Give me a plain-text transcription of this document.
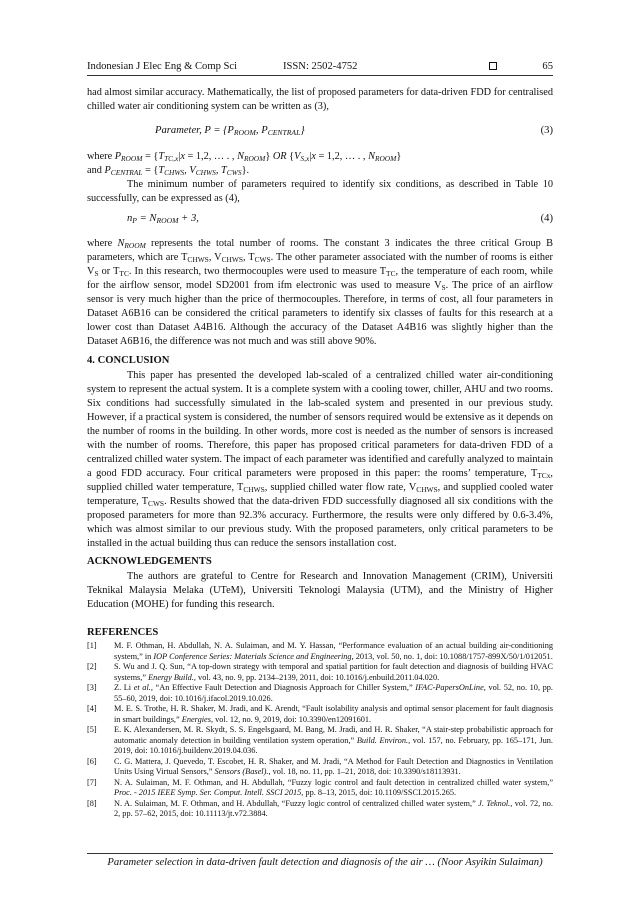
Indonesian J Elec Eng & Comp Sci	ISSN: 2502-4752	65
had almost similar accuracy. Mathematically, the list of proposed parameters for data-driven FDD for centralised chilled water air conditioning system can be written as (3),
Parameter, $P = \{P_{ROOM}$, $P_{CENTRAL}$}	(3)
where $P_{ROOM} = \{T_{TC,x}|x = 1,2$, … . , $N_{ROOM}$} OR {$V_{S,x}|x = 1,2$, … . , $N_{ROOM}$}
and $P_{CENTRAL} = \{T_{CHWS}$, $V_{CHWS}$, $T_{CWS}$}.
The minimum number of parameters required to identify six conditions, as described in Table 10 successfully, can be expressed as (4),
$n_P = N_{ROOM} + 3$,	(4)
where $N_{ROOM}$ represents the total number of rooms. The constant 3 indicates the three critical Group B parameters, which are $T_{CHWS}$, $V_{CHWS}$, $T_{CWS}$. The other parameter associated with the number of rooms is either $V_S$ or $T_{TC}$. In this research, two thermocouples were used to measure $T_{TC}$, the temperature of each room, while for the airflow sensor, model SD2001 from ifm electronic was used to measure $V_S$. The price of an airflow sensor is very much higher than the price of thermocouples. Therefore, in terms of cost, all four parameters in Dataset A6B16 can be considered the critical parameters to identify six classes of faults for this research at a lower cost than Dataset A4B16. Although the accuracy of the Dataset A4B16 was slightly higher than the Dataset A6B16, the difference was not much and was still above 90%.
4. CONCLUSION
This paper has presented the developed lab-scaled of a centralized chilled water air-conditioning system to represent the actual system. It is a complete system with a cooling tower, chiller, AHU and two rooms. Six conditions had successfully simulated in the lab-scaled system and presented in our previous study. However, if a practical system is considered, the number of sensors required would be extensive as it depends on the number of rooms in the building. In other words, more cost is needed as the number of sensors is increased with the number of rooms. Therefore, this paper has proposed critical parameters for data-driven FDD of a centralized chilled water system. The impact of each parameter was identified and carefully analyzed to maintain a good FDD accuracy. Four critical parameters were proposed in this paper: the rooms’ temperature, $T_{TCx}$, supplied chilled water temperature, $T_{CHWS}$, supplied chilled water flow rate, $V_{CHWS}$, and supplied cooled water temperature, $T_{CWS}$. Results showed that the data-driven FDD successfully diagnosed all six conditions with the proposed parameters for more than 92.3% accuracy. Furthermore, the results were only differed by 0.6-3.4%, which was almost similar to our previous study. With the proposed parameters, only critical parameters to be installed in the actual building thus can reduce the sensors installation cost.
ACKNOWLEDGEMENTS
The authors are grateful to Centre for Research and Innovation Management (CRIM), Universiti Teknikal Malaysia Melaka (UTeM), Universiti Teknologi Malaysia (UTM), and the Ministry of Higher Education (MOHE) for funding this research.
REFERENCES
[1] M. F. Othman, H. Abdullah, N. A. Sulaiman, and M. Y. Hassan, “Performance evaluation of an actual building air-conditioning system,” in IOP Conference Series: Materials Science and Engineering, 2013, vol. 50, no. 1, doi: 10.1088/1757-899X/50/1/012051.
[2] S. Wu and J. Q. Sun, “A top-down strategy with temporal and spatial partition for fault detection and diagnosis of building HVAC systems,” Energy Build., vol. 43, no. 9, pp. 2134–2139, 2011, doi: 10.1016/j.enbuild.2011.04.020.
[3] Z. Li et al., “An Effective Fault Detection and Diagnosis Approach for Chiller System,” IFAC-PapersOnLine, vol. 52, no. 10, pp. 55–60, 2019, doi: 10.1016/j.ifacol.2019.10.026.
[4] M. E. S. Trothe, H. R. Shaker, M. Jradi, and K. Arendt, “Fault isolability analysis and optimal sensor placement for fault diagnosis in smart buildings,” Energies, vol. 12, no. 9, 2019, doi: 10.3390/en12091601.
[5] E. K. Alexandersen, M. R. Skydt, S. S. Engelsgaard, M. Bang, M. Jradi, and H. R. Shaker, “A stair-step probabilistic approach for automatic anomaly detection in building ventilation system operation,” Build. Environ., vol. 157, no. February, pp. 165–171, Jun. 2019, doi: 10.1016/j.buildenv.2019.04.036.
[6] C. G. Mattera, J. Quevedo, T. Escobet, H. R. Shaker, and M. Jradi, “A Method for Fault Detection and Diagnostics in Ventilation Units Using Virtual Sensors,” Sensors (Basel)., vol. 18, no. 11, pp. 1–21, 2018, doi: 10.3390/s18113931.
[7] N. A. Sulaiman, M. F. Othman, and H. Abdullah, “Fuzzy logic control and fault detection in centralized chilled water system,” Proc. - 2015 IEEE Symp. Ser. Comput. Intell. SSCI 2015, pp. 8–13, 2015, doi: 10.1109/SSCI.2015.265.
[8] N. A. Sulaiman, M. F. Othman, and H. Abdullah, “Fuzzy logic control of centralized chilled water system,” J. Teknol., vol. 72, no. 2, pp. 57–62, 2015, doi: 10.11113/jt.v72.3884.
Parameter selection in data-driven fault detection and diagnosis of the air … (Noor Asyikin Sulaiman)
